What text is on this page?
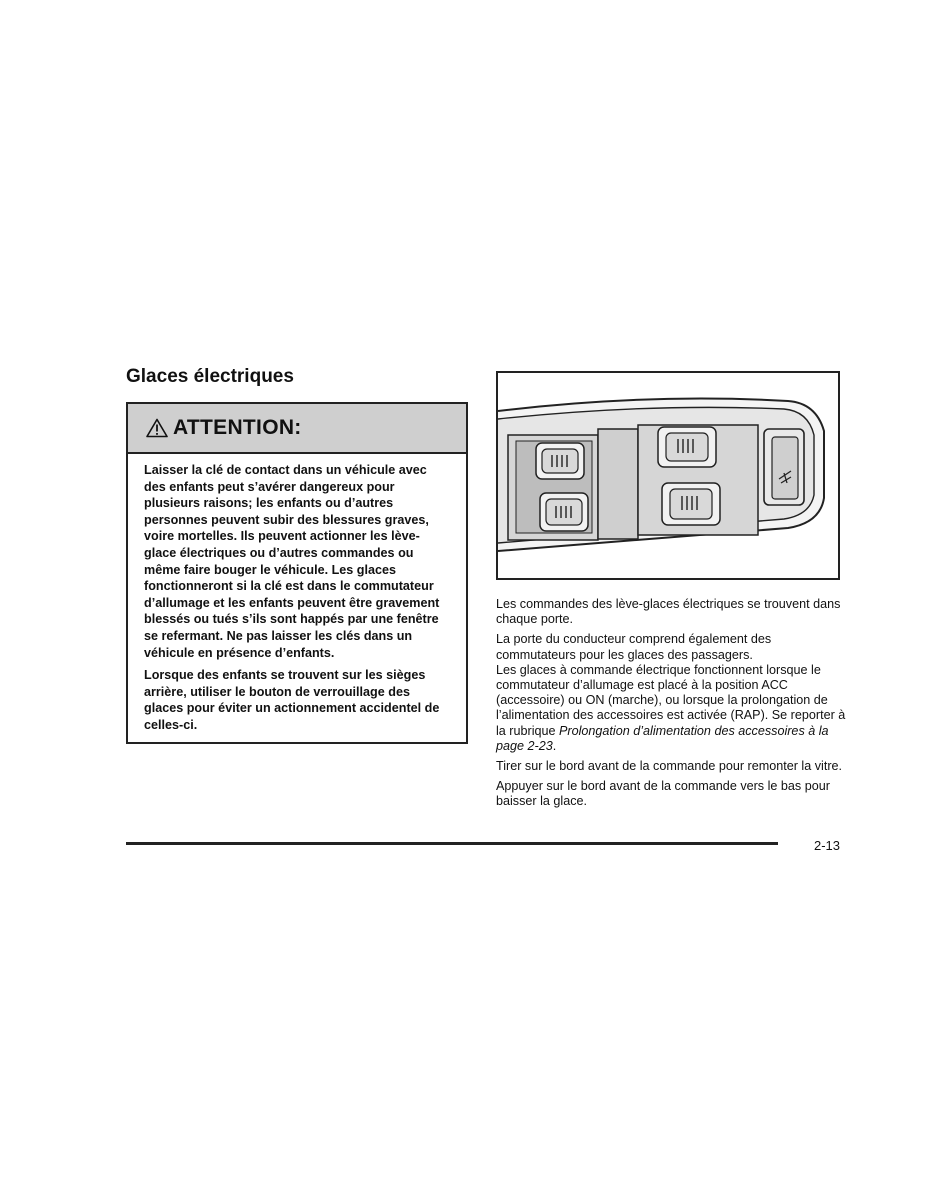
Glaces électriques
ATTENTION:

Laisser la clé de contact dans un véhicule avec des enfants peut s’avérer dangereux pour plusieurs raisons; les enfants ou d’autres personnes peuvent subir des blessures graves, voire mortelles. Ils peuvent actionner les lève-glace électriques ou d’autres commandes ou même faire bouger le véhicule. Les glaces fonctionneront si la clé est dans le commutateur d’allumage et les enfants peuvent être gravement blessés ou tués s’ils sont happés par une fenêtre se refermant. Ne pas laisser les clés dans un véhicule en présence d’enfants.

Lorsque des enfants se trouvent sur les sièges arrière, utiliser le bouton de verrouillage des glaces pour éviter un actionnement accidentel de celles-ci.

Les commandes des lève-glaces électriques se trouvent dans chaque porte.

La porte du conducteur comprend également des commutateurs pour les glaces des passagers.

Les glaces à commande électrique fonctionnent lorsque le commutateur d’allumage est placé à la position ACC (accessoire) ou ON (marche), ou lorsque la prolongation de l’alimentation des accessoires est activée (RAP). Se reporter à la rubrique Prolongation d’alimentation des accessoires à la page 2-23.

Tirer sur le bord avant de la commande pour remonter la vitre.

Appuyer sur le bord avant de la commande vers le bas pour baisser la glace.

2-13
